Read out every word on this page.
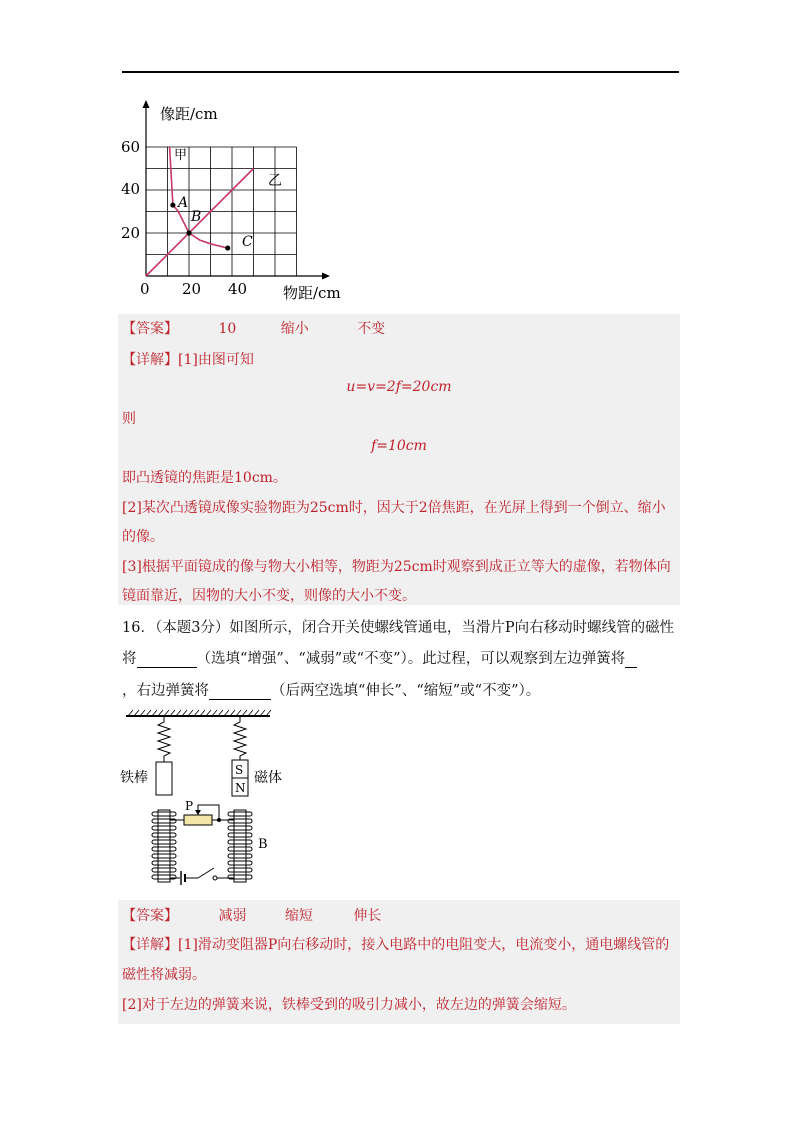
像距/cm
物距/cm
60
40
20
0 20 40
甲
乙
A
B
C
【答案】	10	缩小	不变
【详解】[1]由图可知
u=v=2f=20cm
则
f=10cm
即凸透镜的焦距是10cm。
[2]某次凸透镜成像实验物距为25cm时，因大于2倍焦距，在光屏上得到一个倒立、缩小
的像。
[3]根据平面镜成的像与物大小相等，物距为25cm时观察到成正立等大的虚像，若物体向
镜面靠近，因物的大小不变，则像的大小不变。
16．（本题3分）如图所示，闭合开关使螺线管通电，当滑片P向右移动时螺线管的磁性
将	（选填“增强”、“减弱”或“不变”）。此过程，可以观察到左边弹簧将
，右边弹簧将	（后两空选填“伸长”、“缩短”或“不变”）。
S
N
铁棒	磁体
P
B
【答案】	减弱	缩短	伸长
【详解】[1]滑动变阻器P向右移动时，接入电路中的电阻变大，电流变小，通电螺线管的
磁性将减弱。
[2]对于左边的弹簧来说，铁棒受到的吸引力减小，故左边的弹簧会缩短。
